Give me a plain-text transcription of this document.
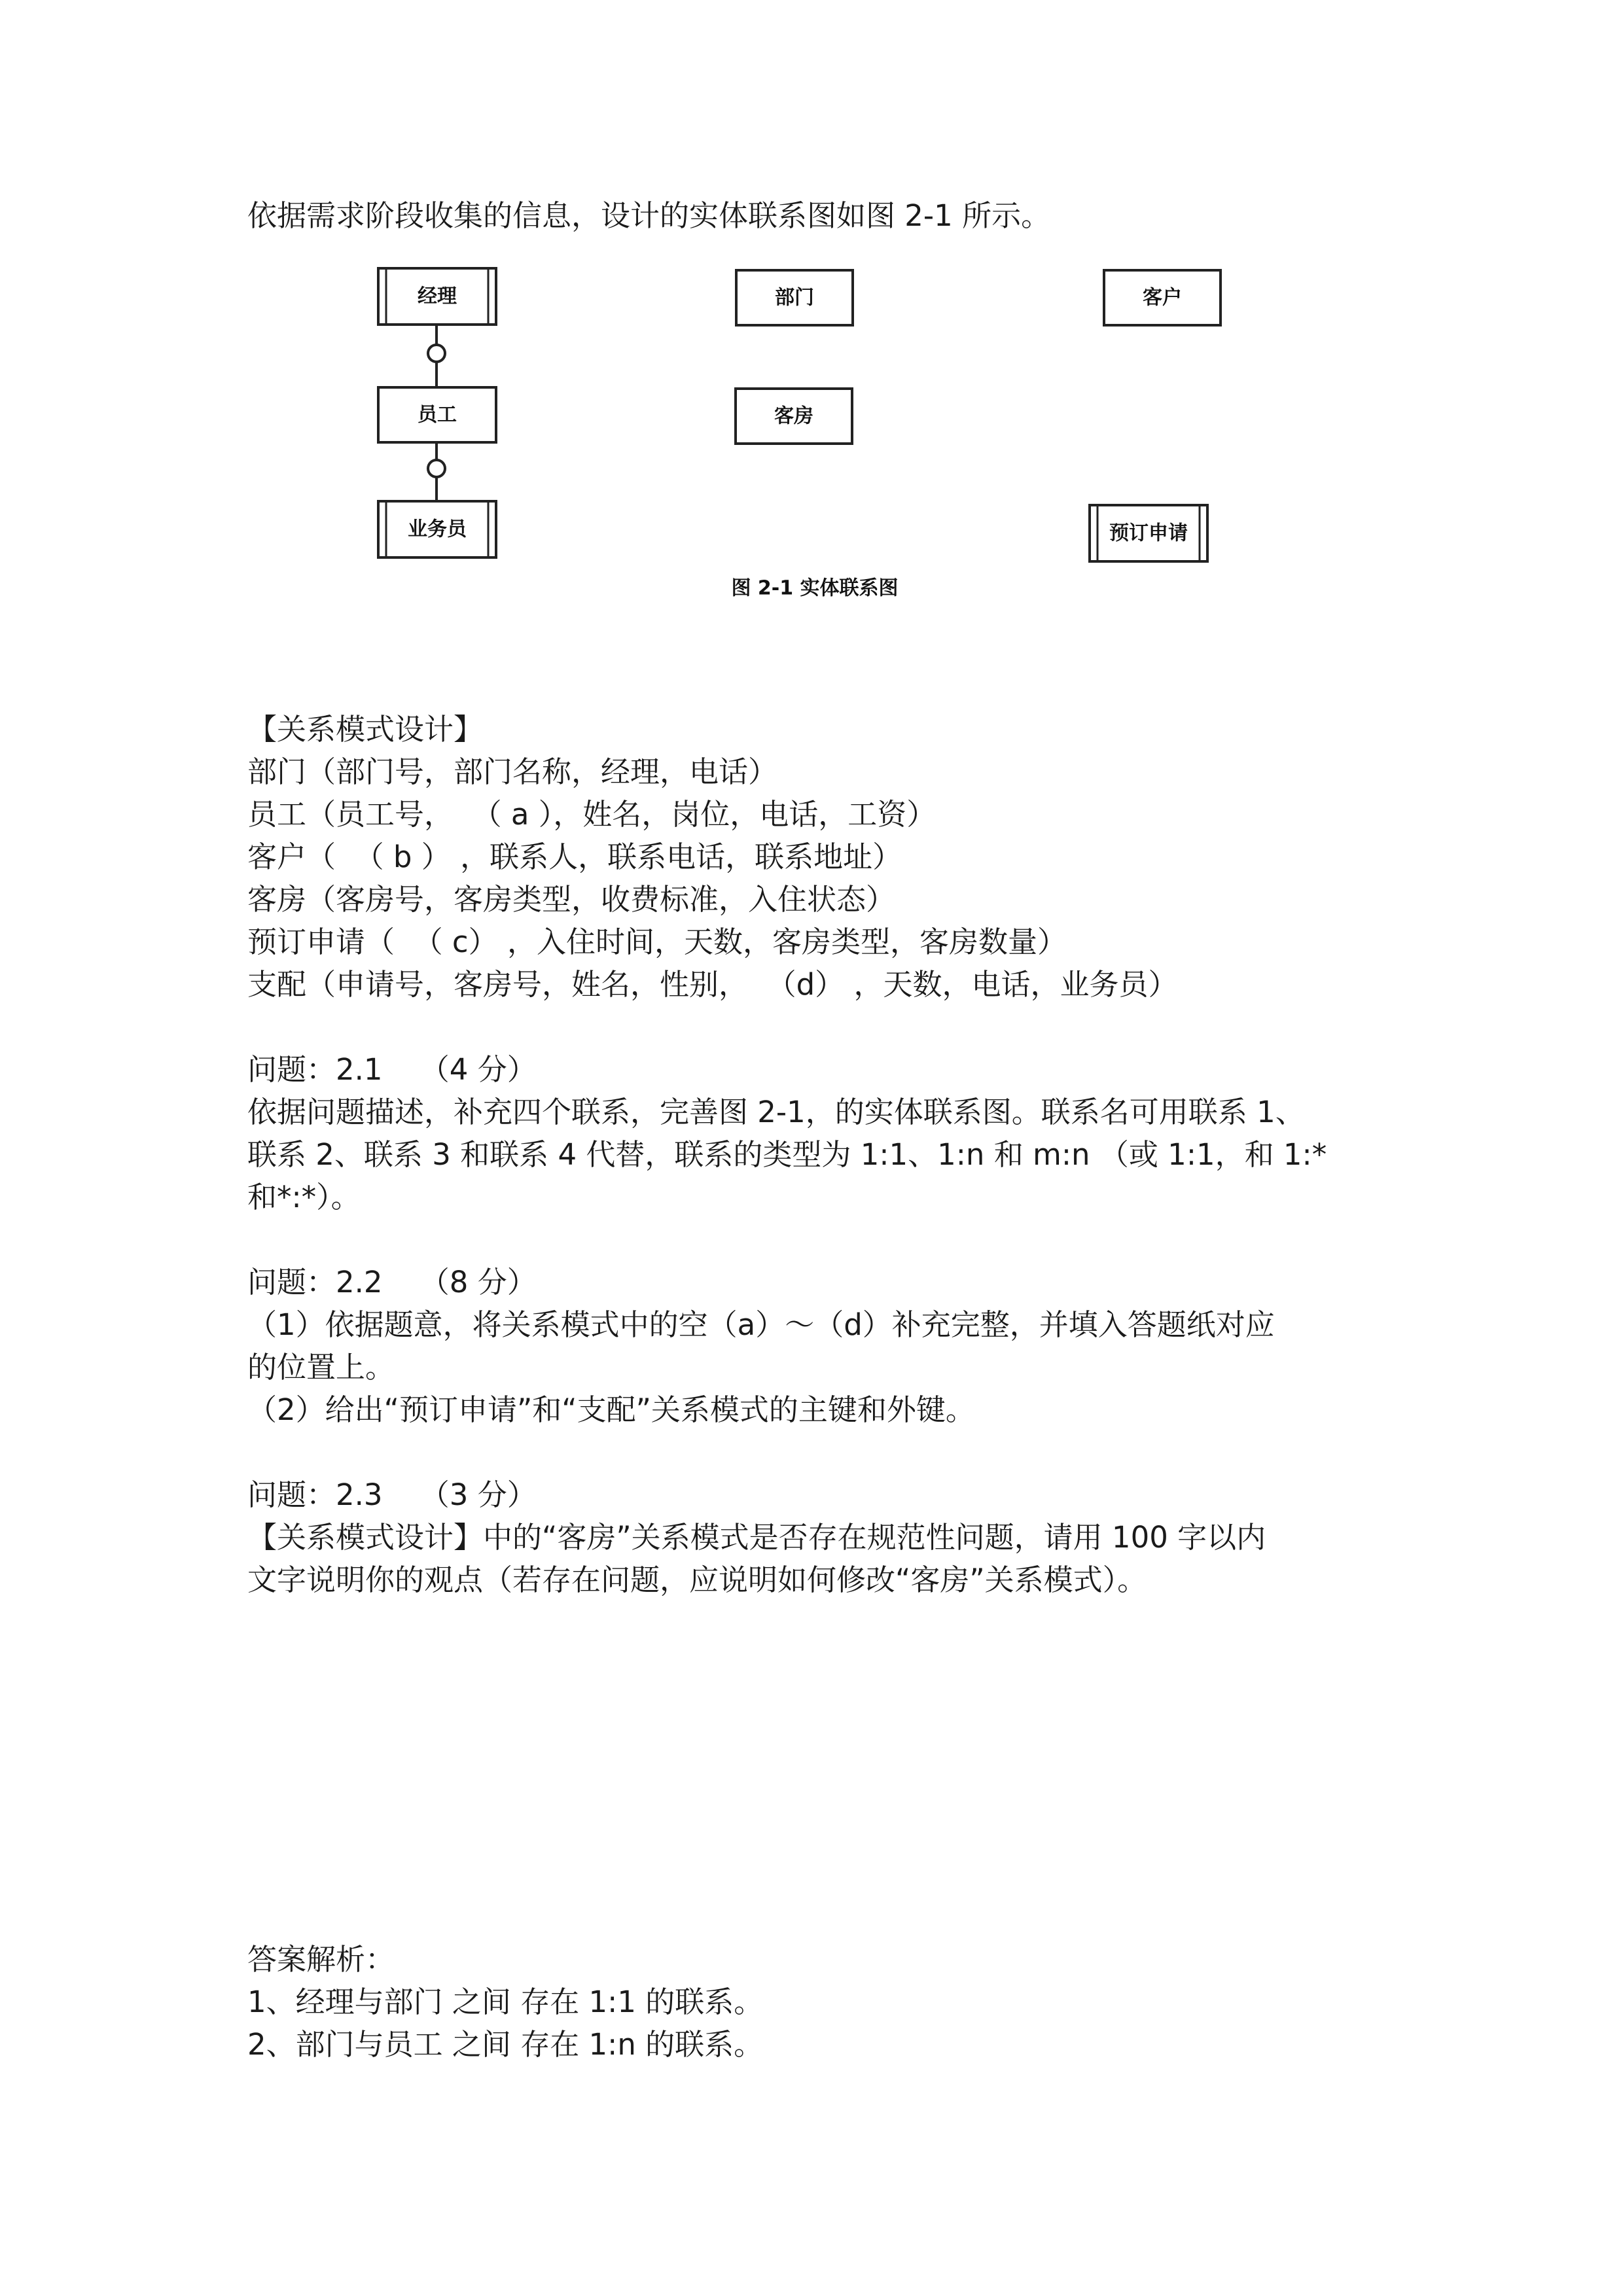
依据需求阶段收集的信息，设计的实体联系图如图 2-1 所示。
经理	部门	客户
员工	客房
业务员	预订申请
图 2-1 实体联系图
【关系模式设计】
部门（部门号，部门名称，经理，电话）
员工（员工号，  （ a ），姓名，岗位，电话，工资）
客户（  （ b ） ，联系人，联系电话，联系地址）
客房（客房号，客房类型，收费标准，入住状态）
预订申请（  （ c） ，入住时间，天数，客房类型，客房数量）
支配（申请号，客房号，姓名，性别，  （d） ，天数，电话，业务员）
问题：2.1    （4 分）
依据问题描述，补充四个联系，完善图 2-1，的实体联系图。联系名可用联系 1、
联系 2、联系 3 和联系 4 代替，联系的类型为 1:1、1:n 和 m:n （或 1:1，和 1:*
和*:*）。
问题：2.2    （8 分）
（1）依据题意，将关系模式中的空（a）～（d）补充完整，并填入答题纸对应
的位置上。
（2）给出“预订申请”和“支配”关系模式的主键和外键。
问题：2.3    （3 分）
【关系模式设计】中的“客房”关系模式是否存在规范性问题，请用 100 字以内
文字说明你的观点（若存在问题，应说明如何修改“客房”关系模式）。
答案解析：
1、经理与部门 之间 存在 1:1 的联系。
2、部门与员工 之间 存在 1:n 的联系。
